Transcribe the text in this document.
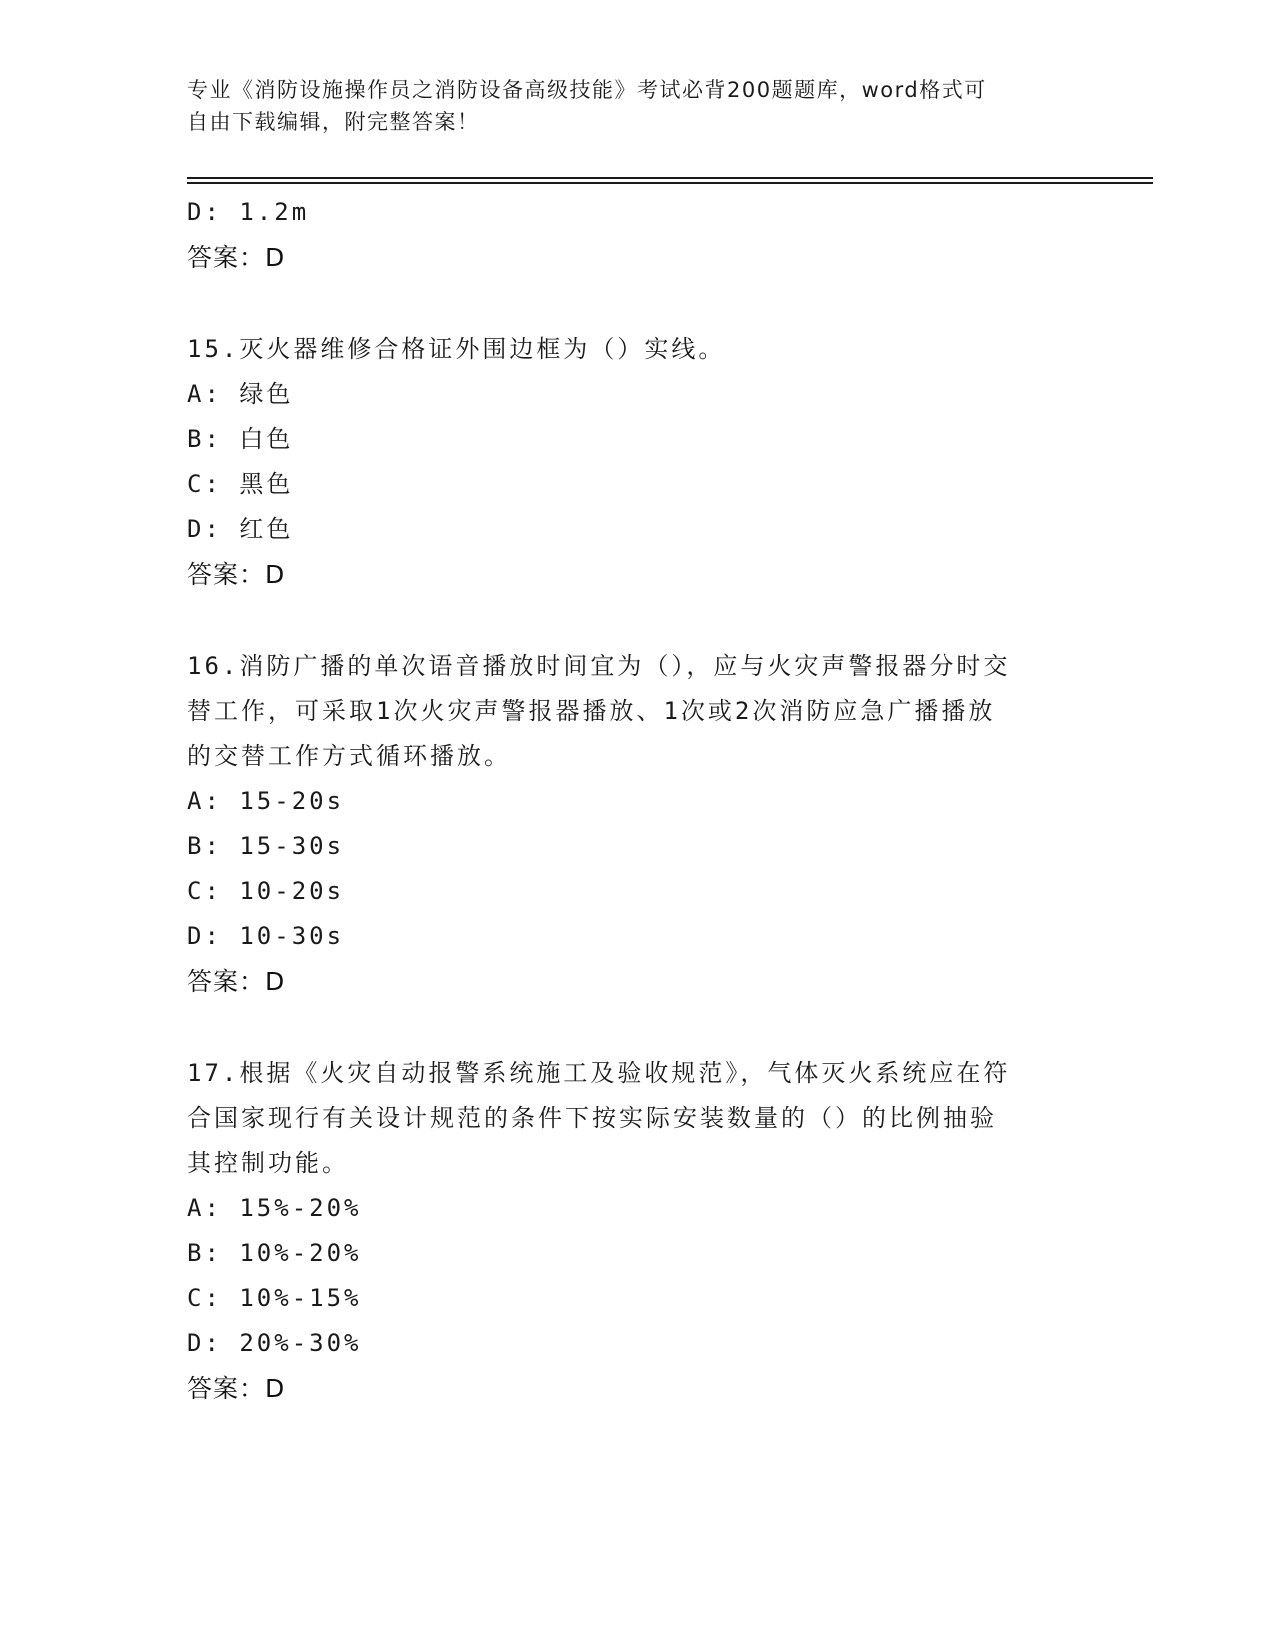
专业《消防设施操作员之消防设备高级技能》考试必背200题题库，word格式可
自由下载编辑，附完整答案！
D: 1.2m
答案：D
15.灭火器维修合格证外围边框为（）实线。
A: 绿色
B: 白色
C: 黑色
D: 红色
答案：D
16.消防广播的单次语音播放时间宜为（），应与火灾声警报器分时交
替工作，可采取1次火灾声警报器播放、1次或2次消防应急广播播放
的交替工作方式循环播放。
A: 15-20s
B: 15-30s
C: 10-20s
D: 10-30s
答案：D
17.根据《火灾自动报警系统施工及验收规范》，气体灭火系统应在符
合国家现行有关设计规范的条件下按实际安装数量的（）的比例抽验
其控制功能。
A: 15%-20%
B: 10%-20%
C: 10%-15%
D: 20%-30%
答案：D
